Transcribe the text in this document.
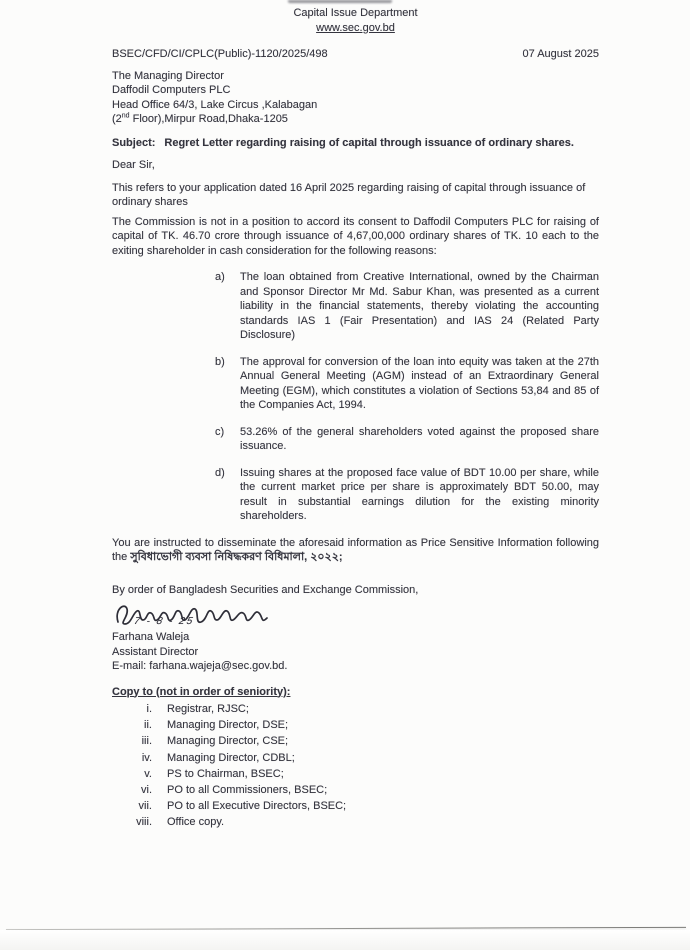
Capital Issue Department
www.sec.gov.bd
BSEC/CFD/CI/CPLC(Public)-1120/2025/498	07 August 2025
The Managing Director
Daffodil Computers PLC
Head Office 64/3, Lake Circus ,Kalabagan
(2nd Floor),Mirpur Road,Dhaka-1205
Subject: Regret Letter regarding raising of capital through issuance of ordinary shares.
Dear Sir,
This refers to your application dated 16 April 2025 regarding raising of capital through issuance of ordinary shares
The Commission is not in a position to accord its consent to Daffodil Computers PLC for raising of capital of TK. 46.70 crore through issuance of 4,67,00,000 ordinary shares of TK. 10 each to the exiting shareholder in cash consideration for the following reasons:
a)	The loan obtained from Creative International, owned by the Chairman and Sponsor Director Mr Md. Sabur Khan, was presented as a current liability in the financial statements, thereby violating the accounting standards IAS 1 (Fair Presentation) and IAS 24 (Related Party Disclosure)
b)	The approval for conversion of the loan into equity was taken at the 27th Annual General Meeting (AGM) instead of an Extraordinary General Meeting (EGM), which constitutes a violation of Sections 53,84 and 85 of the Companies Act, 1994.
c)	53.26% of the general shareholders voted against the proposed share issuance.
d)	Issuing shares at the proposed face value of BDT 10.00 per share, while the current market price per share is approximately BDT 50.00, may result in substantial earnings dilution for the existing minority shareholders.
You are instructed to disseminate the aforesaid information as Price Sensitive Information following the সুবিধাভোগী ব্যবসা নিষিদ্ধকরণ বিধিমালা, ২০২২;
By order of Bangladesh Securities and Exchange Commission,
7 - 8 - 25
Farhana Waleja
Assistant Director
E-mail: farhana.wajeja@sec.gov.bd.
Copy to (not in order of seniority):
i. Registrar, RJSC;
ii. Managing Director, DSE;
iii. Managing Director, CSE;
iv. Managing Director, CDBL;
v. PS to Chairman, BSEC;
vi. PO to all Commissioners, BSEC;
vii. PO to all Executive Directors, BSEC;
viii. Office copy.
